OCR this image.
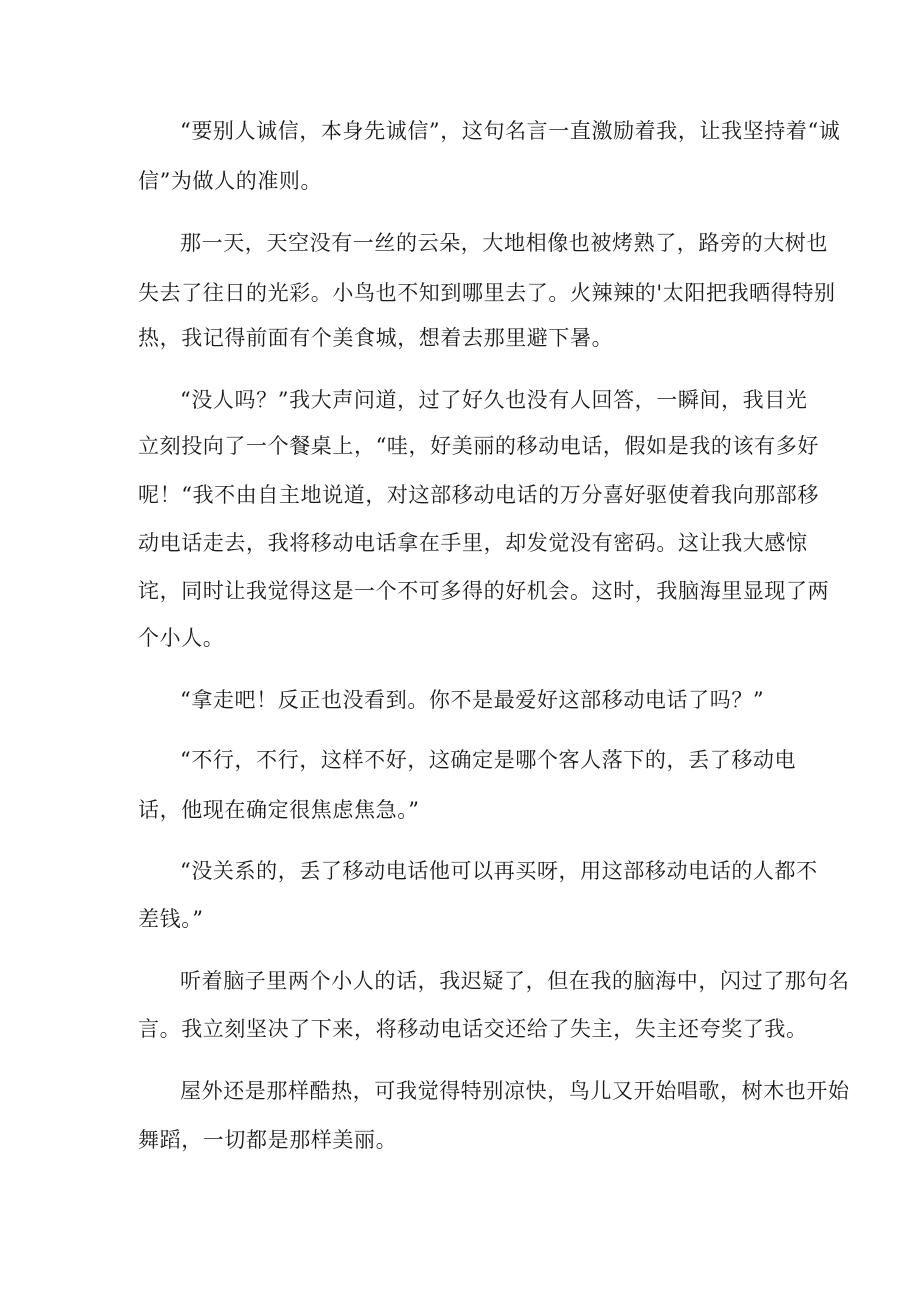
“要别人诚信，本身先诚信”，这句名言一直激励着我，让我坚持着“诚
信”为做人的准则。
那一天，天空没有一丝的云朵，大地相像也被烤熟了，路旁的大树也
失去了往日的光彩。小鸟也不知到哪里去了。火辣辣的'太阳把我晒得特别
热，我记得前面有个美食城，想着去那里避下暑。
“没人吗？”我大声问道，过了好久也没有人回答，一瞬间，我目光
立刻投向了一个餐桌上，“哇，好美丽的移动电话，假如是我的该有多好
呢！“我不由自主地说道，对这部移动电话的万分喜好驱使着我向那部移
动电话走去，我将移动电话拿在手里，却发觉没有密码。这让我大感惊
诧，同时让我觉得这是一个不可多得的好机会。这时，我脑海里显现了两
个小人。
“拿走吧！反正也没看到。你不是最爱好这部移动电话了吗？”
“不行，不行，这样不好，这确定是哪个客人落下的，丢了移动电
话，他现在确定很焦虑焦急。”
“没关系的，丢了移动电话他可以再买呀，用这部移动电话的人都不
差钱。”
听着脑子里两个小人的话，我迟疑了，但在我的脑海中，闪过了那句名
言。我立刻坚决了下来，将移动电话交还给了失主，失主还夸奖了我。
屋外还是那样酷热，可我觉得特别凉快，鸟儿又开始唱歌，树木也开始
舞蹈，一切都是那样美丽。
